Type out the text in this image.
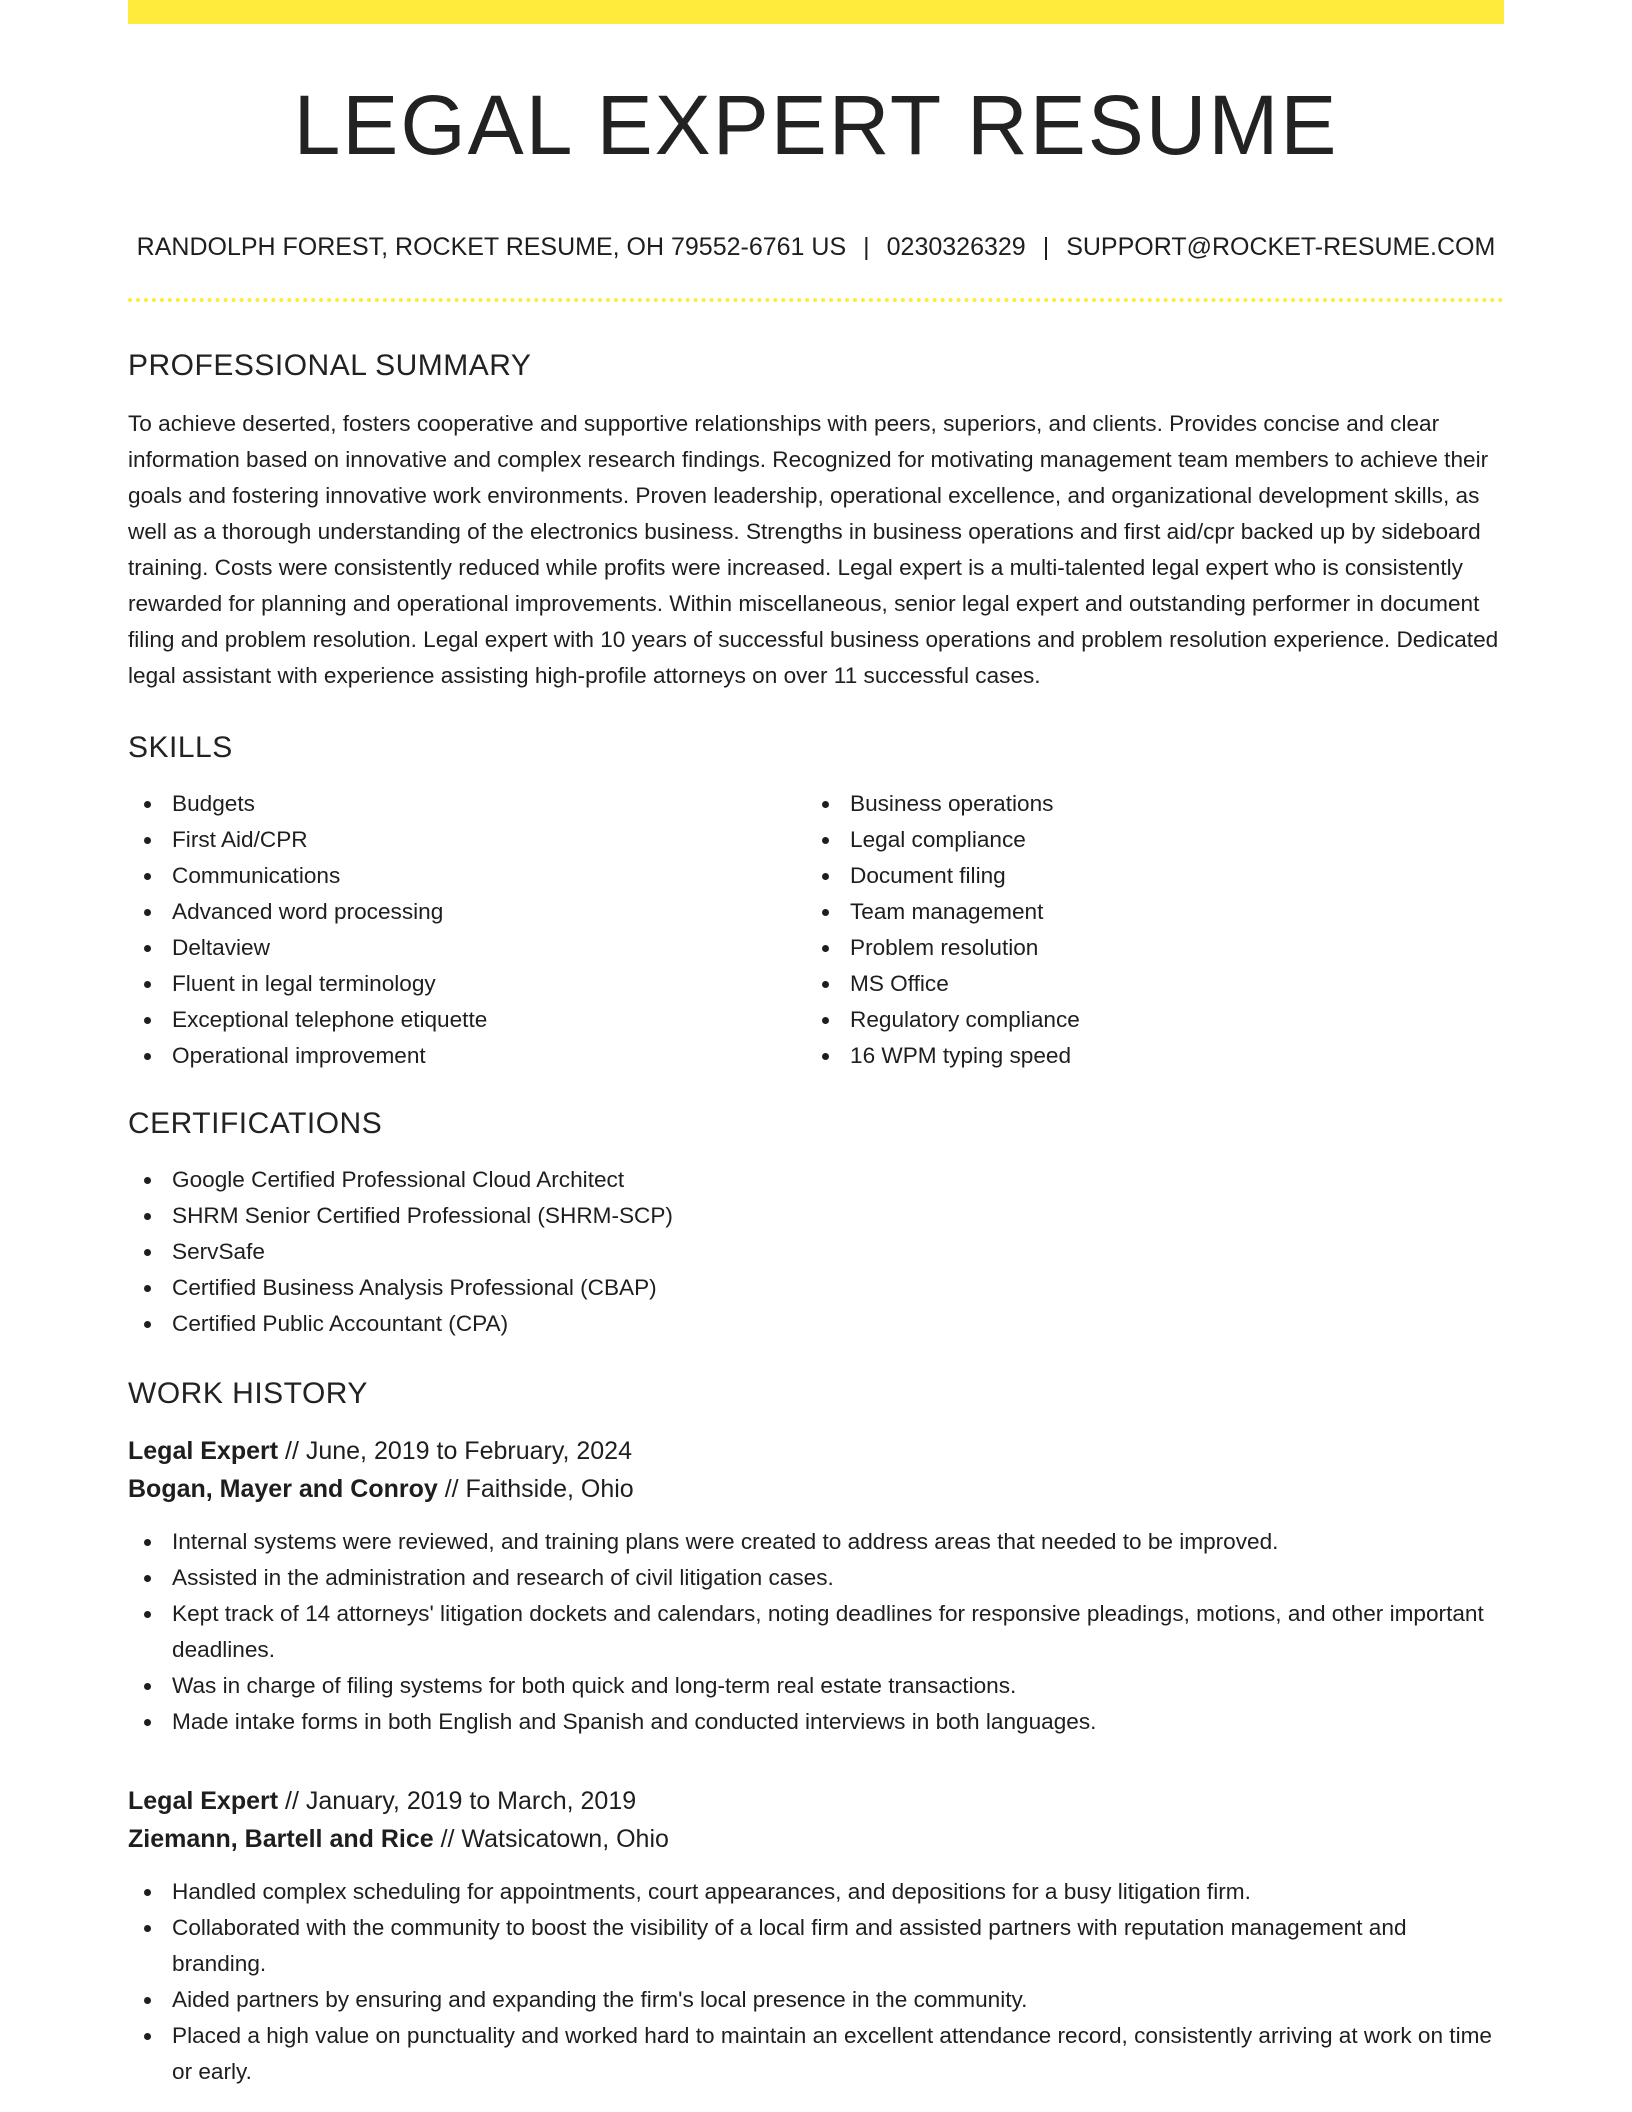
LEGAL EXPERT RESUME
RANDOLPH FOREST, ROCKET RESUME, OH 79552-6761 US | 0230326329 | SUPPORT@ROCKET-RESUME.COM
PROFESSIONAL SUMMARY

To achieve deserted, fosters cooperative and supportive relationships with peers, superiors, and clients. Provides concise and clear information based on innovative and complex research findings. Recognized for motivating management team members to achieve their goals and fostering innovative work environments. Proven leadership, operational excellence, and organizational development skills, as well as a thorough understanding of the electronics business. Strengths in business operations and first aid/cpr backed up by sideboard training. Costs were consistently reduced while profits were increased. Legal expert is a multi-talented legal expert who is consistently rewarded for planning and operational improvements. Within miscellaneous, senior legal expert and outstanding performer in document filing and problem resolution. Legal expert with 10 years of successful business operations and problem resolution experience. Dedicated legal assistant with experience assisting high-profile attorneys on over 11 successful cases.

SKILLS
Budgets
First Aid/CPR
Communications
Advanced word processing
Deltaview
Fluent in legal terminology
Exceptional telephone etiquette
Operational improvement
Business operations
Legal compliance
Document filing
Team management
Problem resolution
MS Office
Regulatory compliance
16 WPM typing speed
CERTIFICATIONS
Google Certified Professional Cloud Architect
SHRM Senior Certified Professional (SHRM-SCP)
ServSafe
Certified Business Analysis Professional (CBAP)
Certified Public Accountant (CPA)
WORK HISTORY
Legal Expert // June, 2019 to February, 2024
Bogan, Mayer and Conroy // Faithside, Ohio
Internal systems were reviewed, and training plans were created to address areas that needed to be improved.
Assisted in the administration and research of civil litigation cases.
Kept track of 14 attorneys' litigation dockets and calendars, noting deadlines for responsive pleadings, motions, and other important deadlines.
Was in charge of filing systems for both quick and long-term real estate transactions.
Made intake forms in both English and Spanish and conducted interviews in both languages.
Legal Expert // January, 2019 to March, 2019
Ziemann, Bartell and Rice // Watsicatown, Ohio
Handled complex scheduling for appointments, court appearances, and depositions for a busy litigation firm.
Collaborated with the community to boost the visibility of a local firm and assisted partners with reputation management and branding.
Aided partners by ensuring and expanding the firm's local presence in the community.
Placed a high value on punctuality and worked hard to maintain an excellent attendance record, consistently arriving at work on time or early.
